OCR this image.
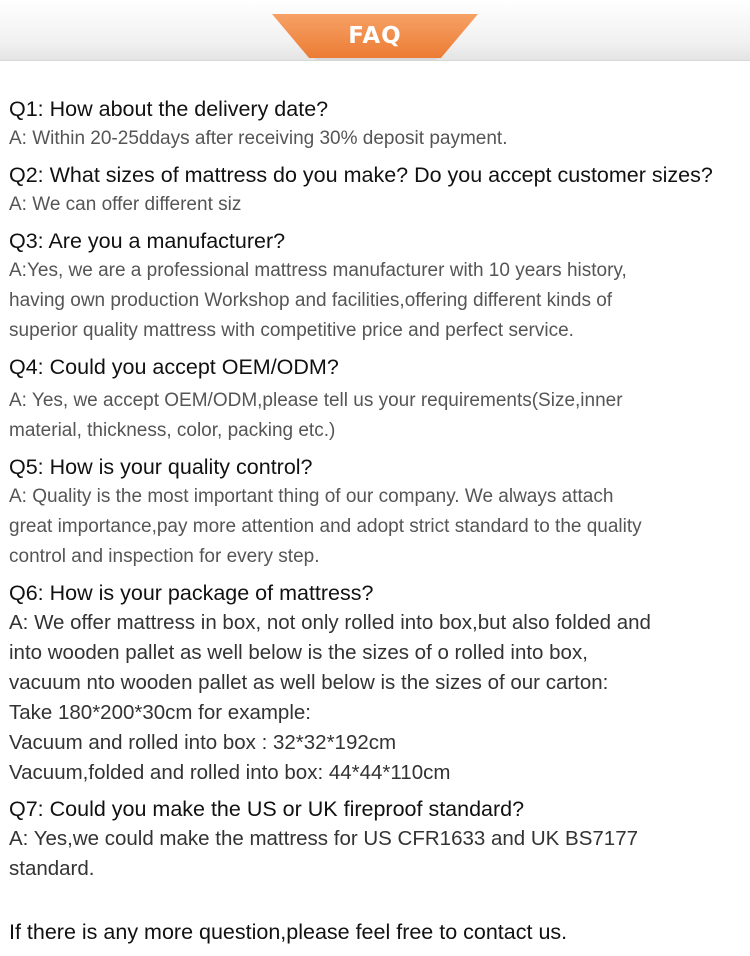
FAQ
Q1: How about the delivery date?
A: Within 20-25ddays after receiving 30% deposit payment.
Q2: What sizes of mattress do you make? Do you accept customer sizes?
A: We can offer different siz
Q3: Are you a manufacturer?
A:Yes, we are a professional mattress manufacturer with 10 years history,
having own production Workshop and facilities,offering different kinds of
superior quality mattress with competitive price and perfect service.
Q4: Could you accept OEM/ODM?
A: Yes, we accept OEM/ODM,please tell us your requirements(Size,inner
material, thickness, color, packing etc.)
Q5: How is your quality control?
A: Quality is the most important thing of our company. We always attach
great importance,pay more attention and adopt strict standard to the quality
control and inspection for every step.
Q6: How is your package of mattress?
A: We offer mattress in box, not only rolled into box,but also folded and
into wooden pallet as well below is the sizes of o rolled into box,
vacuum nto wooden pallet as well below is the sizes of our carton:
Take 180*200*30cm for example:
Vacuum and rolled into box : 32*32*192cm
Vacuum,folded and rolled into box: 44*44*110cm
Q7: Could you make the US or UK fireproof standard?
A: Yes,we could make the mattress for US CFR1633 and UK BS7177
standard.
If there is any more question,please feel free to contact us.
